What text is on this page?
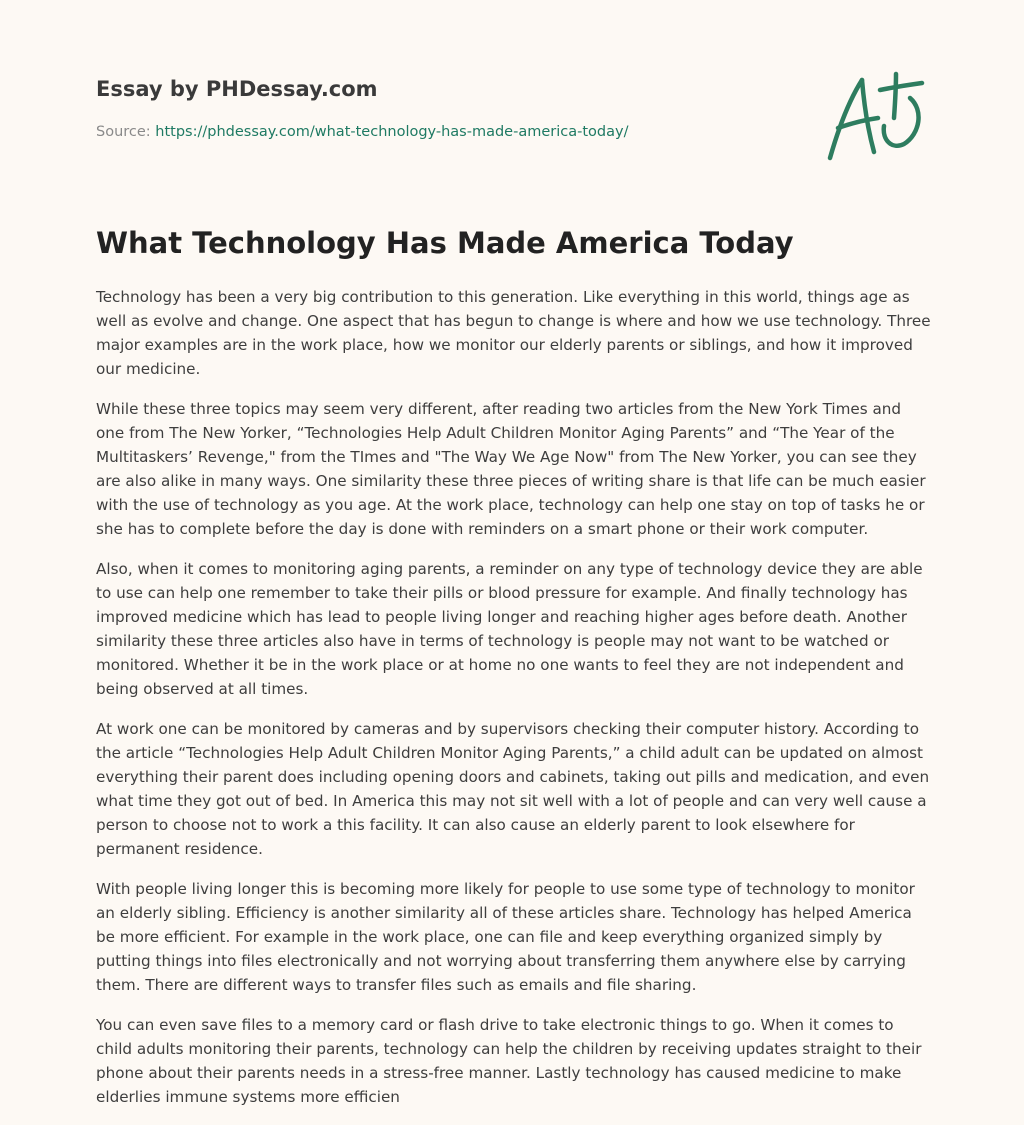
Essay by PHDessay.com
Source: https://phdessay.com/what-technology-has-made-america-today/
What Technology Has Made America Today

Technology has been a very big contribution to this generation. Like everything in this world, things age as well as evolve and change. One aspect that has begun to change is where and how we use technology. Three major examples are in the work place, how we monitor our elderly parents or siblings, and how it improved our medicine.

While these three topics may seem very different, after reading two articles from the New York Times and one from The New Yorker, “Technologies Help Adult Children Monitor Aging Parents” and “The Year of the Multitaskers’ Revenge," from the TImes and "The Way We Age Now" from The New Yorker, you can see they are also alike in many ways. One similarity these three pieces of writing share is that life can be much easier with the use of technology as you age. At the work place, technology can help one stay on top of tasks he or she has to complete before the day is done with reminders on a smart phone or their work computer.

Also, when it comes to monitoring aging parents, a reminder on any type of technology device they are able to use can help one remember to take their pills or blood pressure for example. And finally technology has improved medicine which has lead to people living longer and reaching higher ages before death. Another similarity these three articles also have in terms of technology is people may not want to be watched or monitored. Whether it be in the work place or at home no one wants to feel they are not independent and being observed at all times.

At work one can be monitored by cameras and by supervisors checking their computer history. According to the article “Technologies Help Adult Children Monitor Aging Parents,” a child adult can be updated on almost everything their parent does including opening doors and cabinets, taking out pills and medication, and even what time they got out of bed. In America this may not sit well with a lot of people and can very well cause a person to choose not to work a this facility. It can also cause an elderly parent to look elsewhere for permanent residence.

With people living longer this is becoming more likely for people to use some type of technology to monitor an elderly sibling. Efficiency is another similarity all of these articles share. Technology has helped America be more efficient. For example in the work place, one can file and keep everything organized simply by putting things into files electronically and not worrying about transferring them anywhere else by carrying them. There are different ways to transfer files such as emails and file sharing.

You can even save files to a memory card or flash drive to take electronic things to go. When it comes to child adults monitoring their parents, technology can help the children by receiving updates straight to their phone about their parents needs in a stress-free manner. Lastly technology has caused medicine to make elderlies immune systems more efficien
